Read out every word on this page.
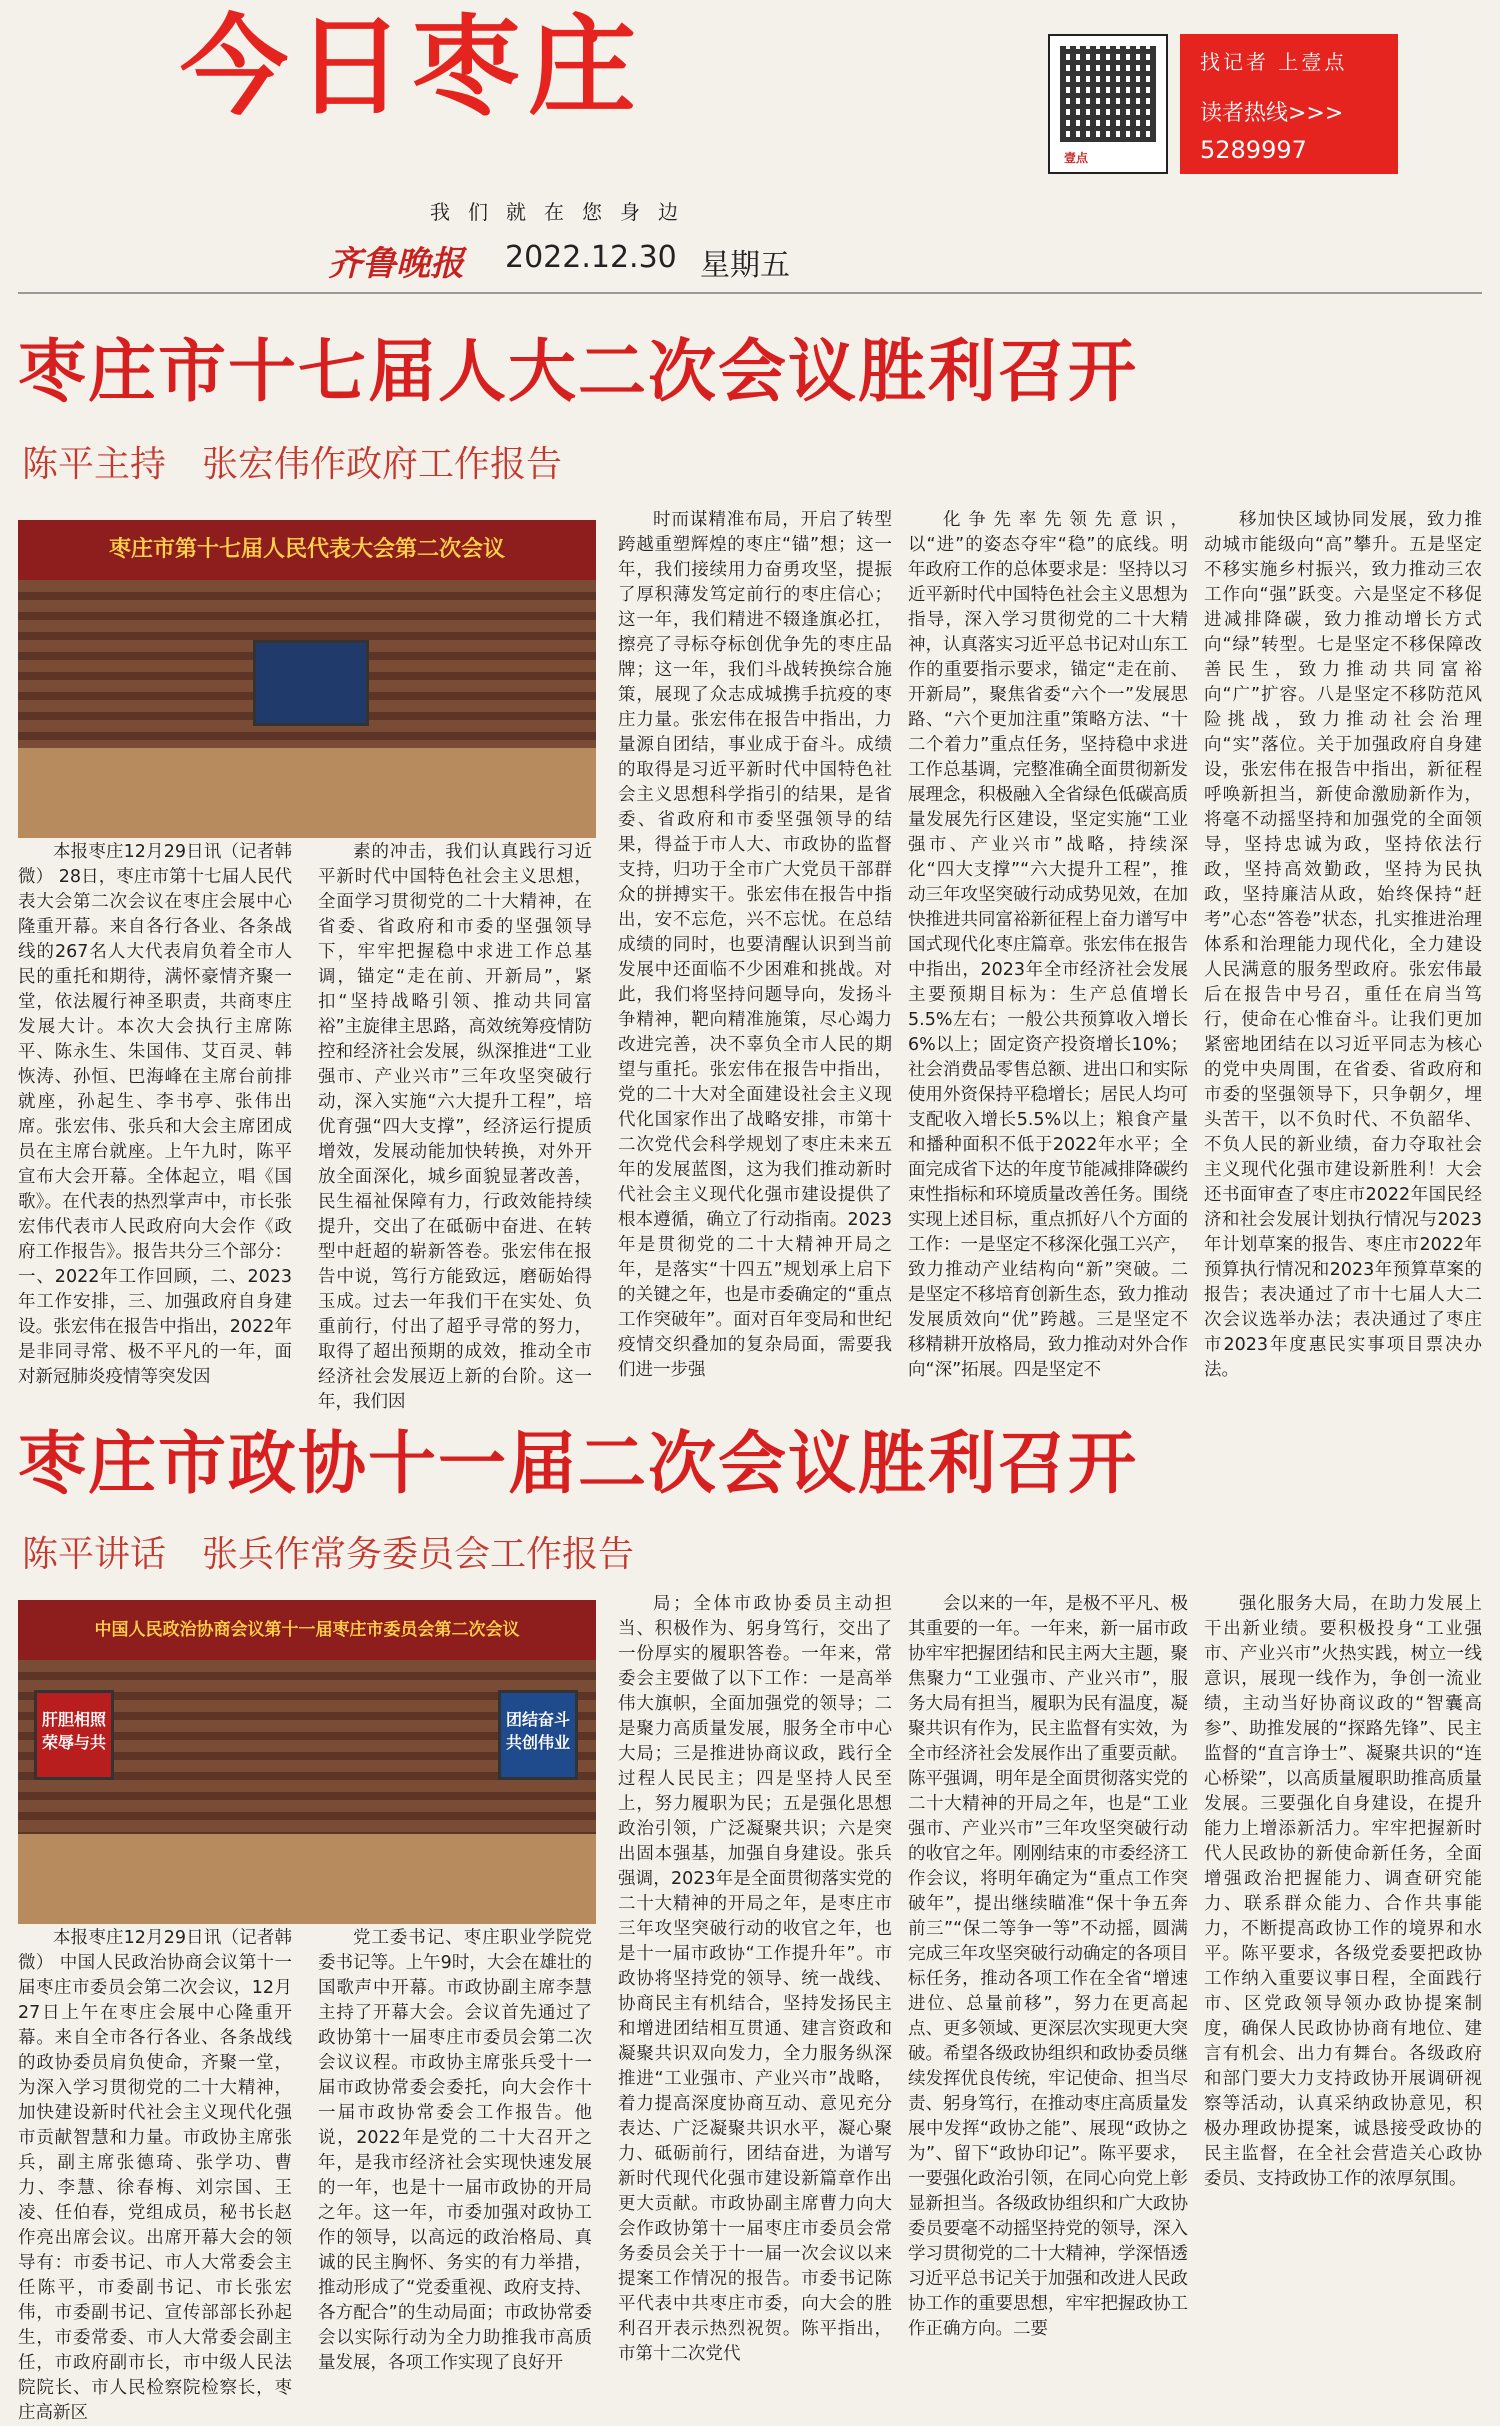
今日枣庄
我们就在您身边
齐鲁晚报 2022.12.30 星期五
壹点
找记者 上壹点
读者热线>>>
5289997
枣庄市十七届人大二次会议胜利召开
陈平主持　张宏伟作政府工作报告
枣庄市第十七届人民代表大会第二次会议

本报枣庄12月29日讯（记者韩微） 28日，枣庄市第十七届人民代表大会第二次会议在枣庄会展中心隆重开幕。来自各行各业、各条战线的267名人大代表肩负着全市人民的重托和期待，满怀豪情齐聚一堂，依法履行神圣职责，共商枣庄发展大计。本次大会执行主席陈平、陈永生、朱国伟、艾百灵、韩恢涛、孙恒、巴海峰在主席台前排就座，孙起生、李书亭、张伟出席。张宏伟、张兵和大会主席团成员在主席台就座。上午九时，陈平宣布大会开幕。全体起立，唱《国歌》。在代表的热烈掌声中，市长张宏伟代表市人民政府向大会作《政府工作报告》。报告共分三个部分：一、2022年工作回顾，二、2023年工作安排，三、加强政府自身建设。张宏伟在报告中指出，2022年是非同寻常、极不平凡的一年，面对新冠肺炎疫情等突发因

素的冲击，我们认真践行习近平新时代中国特色社会主义思想，全面学习贯彻党的二十大精神，在省委、省政府和市委的坚强领导下，牢牢把握稳中求进工作总基调，锚定“走在前、开新局”，紧扣“坚持战略引领、推动共同富裕”主旋律主思路，高效统筹疫情防控和经济社会发展，纵深推进“工业强市、产业兴市”三年攻坚突破行动，深入实施“六大提升工程”，培优育强“四大支撑”，经济运行提质增效，发展动能加快转换，对外开放全面深化，城乡面貌显著改善，民生福祉保障有力，行政效能持续提升，交出了在砥砺中奋进、在转型中赶超的崭新答卷。张宏伟在报告中说，笃行方能致远，磨砺始得玉成。过去一年我们干在实处、负重前行，付出了超乎寻常的努力，取得了超出预期的成效，推动全市经济社会发展迈上新的台阶。这一年，我们因

时而谋精准布局，开启了转型跨越重塑辉煌的枣庄“锚”想；这一年，我们接续用力奋勇攻坚，提振了厚积薄发笃定前行的枣庄信心；这一年，我们精进不辍逢旗必扛，擦亮了寻标夺标创优争先的枣庄品牌；这一年，我们斗战转换综合施策，展现了众志成城携手抗疫的枣庄力量。张宏伟在报告中指出，力量源自团结，事业成于奋斗。成绩的取得是习近平新时代中国特色社会主义思想科学指引的结果，是省委、省政府和市委坚强领导的结果，得益于市人大、市政协的监督支持，归功于全市广大党员干部群众的拼搏实干。张宏伟在报告中指出，安不忘危，兴不忘忧。在总结成绩的同时，也要清醒认识到当前发展中还面临不少困难和挑战。对此，我们将坚持问题导向，发扬斗争精神，靶向精准施策，尽心竭力改进完善，决不辜负全市人民的期望与重托。张宏伟在报告中指出，党的二十大对全面建设社会主义现代化国家作出了战略安排，市第十二次党代会科学规划了枣庄未来五年的发展蓝图，这为我们推动新时代社会主义现代化强市建设提供了根本遵循，确立了行动指南。2023年是贯彻党的二十大精神开局之年，是落实“十四五”规划承上启下的关键之年，也是市委确定的“重点工作突破年”。面对百年变局和世纪疫情交织叠加的复杂局面，需要我们进一步强

化争先率先领先意识，以“进”的姿态夺牢“稳”的底线。明年政府工作的总体要求是：坚持以习近平新时代中国特色社会主义思想为指导，深入学习贯彻党的二十大精神，认真落实习近平总书记对山东工作的重要指示要求，锚定“走在前、开新局”，聚焦省委“六个一”发展思路、“六个更加注重”策略方法、“十二个着力”重点任务，坚持稳中求进工作总基调，完整准确全面贯彻新发展理念，积极融入全省绿色低碳高质量发展先行区建设，坚定实施“工业强市、产业兴市”战略，持续深化“四大支撑”“六大提升工程”，推动三年攻坚突破行动成势见效，在加快推进共同富裕新征程上奋力谱写中国式现代化枣庄篇章。张宏伟在报告中指出，2023年全市经济社会发展主要预期目标为：生产总值增长5.5%左右；一般公共预算收入增长6%以上；固定资产投资增长10%；社会消费品零售总额、进出口和实际使用外资保持平稳增长；居民人均可支配收入增长5.5%以上；粮食产量和播种面积不低于2022年水平；全面完成省下达的年度节能减排降碳约束性指标和环境质量改善任务。围绕实现上述目标，重点抓好八个方面的工作：一是坚定不移深化强工兴产，致力推动产业结构向“新”突破。二是坚定不移培育创新生态，致力推动发展质效向“优”跨越。三是坚定不移精耕开放格局，致力推动对外合作向“深”拓展。四是坚定不

移加快区域协同发展，致力推动城市能级向“高”攀升。五是坚定不移实施乡村振兴，致力推动三农工作向“强”跃变。六是坚定不移促进减排降碳，致力推动增长方式向“绿”转型。七是坚定不移保障改善民生，致力推动共同富裕向“广”扩容。八是坚定不移防范风险挑战，致力推动社会治理向“实”落位。关于加强政府自身建设，张宏伟在报告中指出，新征程呼唤新担当，新使命激励新作为，将毫不动摇坚持和加强党的全面领导，坚持忠诚为政，坚持依法行政，坚持高效勤政，坚持为民执政，坚持廉洁从政，始终保持“赶考”心态“答卷”状态，扎实推进治理体系和治理能力现代化，全力建设人民满意的服务型政府。张宏伟最后在报告中号召，重任在肩当笃行，使命在心惟奋斗。让我们更加紧密地团结在以习近平同志为核心的党中央周围，在省委、省政府和市委的坚强领导下，只争朝夕，埋头苦干，以不负时代、不负韶华、不负人民的新业绩，奋力夺取社会主义现代化强市建设新胜利！大会还书面审查了枣庄市2022年国民经济和社会发展计划执行情况与2023年计划草案的报告、枣庄市2022年预算执行情况和2023年预算草案的报告；表决通过了市十七届人大二次会议选举办法；表决通过了枣庄市2023年度惠民实事项目票决办法。

枣庄市政协十一届二次会议胜利召开
陈平讲话　张兵作常务委员会工作报告
中国人民政治协商会议第十一届枣庄市委员会第二次会议
肝胆相照 荣辱与共
团结奋斗 共创伟业

本报枣庄12月29日讯（记者韩微） 中国人民政治协商会议第十一届枣庄市委员会第二次会议，12月27日上午在枣庄会展中心隆重开幕。来自全市各行各业、各条战线的政协委员肩负使命，齐聚一堂，为深入学习贯彻党的二十大精神，加快建设新时代社会主义现代化强市贡献智慧和力量。市政协主席张兵，副主席张德琦、张学功、曹力、李慧、徐春梅、刘宗国、王凌、任伯春，党组成员，秘书长赵作亮出席会议。出席开幕大会的领导有：市委书记、市人大常委会主任陈平，市委副书记、市长张宏伟，市委副书记、宣传部部长孙起生，市委常委、市人大常委会副主任，市政府副市长，市中级人民法院院长、市人民检察院检察长，枣庄高新区

党工委书记、枣庄职业学院党委书记等。上午9时，大会在雄壮的国歌声中开幕。市政协副主席李慧主持了开幕大会。会议首先通过了政协第十一届枣庄市委员会第二次会议议程。市政协主席张兵受十一届市政协常委会委托，向大会作十一届市政协常委会工作报告。他说，2022年是党的二十大召开之年，是我市经济社会实现快速发展的一年，也是十一届市政协的开局之年。这一年，市委加强对政协工作的领导，以高远的政治格局、真诚的民主胸怀、务实的有力举措，推动形成了“党委重视、政府支持、各方配合”的生动局面；市政协常委会以实际行动为全力助推我市高质量发展，各项工作实现了良好开

局；全体市政协委员主动担当、积极作为、躬身笃行，交出了一份厚实的履职答卷。一年来，常委会主要做了以下工作：一是高举伟大旗帜，全面加强党的领导；二是聚力高质量发展，服务全市中心大局；三是推进协商议政，践行全过程人民民主；四是坚持人民至上，努力履职为民；五是强化思想政治引领，广泛凝聚共识；六是突出固本强基，加强自身建设。张兵强调，2023年是全面贯彻落实党的二十大精神的开局之年，是枣庄市三年攻坚突破行动的收官之年，也是十一届市政协“工作提升年”。市政协将坚持党的领导、统一战线、协商民主有机结合，坚持发扬民主和增进团结相互贯通、建言资政和凝聚共识双向发力，全力服务纵深推进“工业强市、产业兴市”战略，着力提高深度协商互动、意见充分表达、广泛凝聚共识水平，凝心聚力、砥砺前行，团结奋进，为谱写新时代现代化强市建设新篇章作出更大贡献。市政协副主席曹力向大会作政协第十一届枣庄市委员会常务委员会关于十一届一次会议以来提案工作情况的报告。市委书记陈平代表中共枣庄市委，向大会的胜利召开表示热烈祝贺。陈平指出，市第十二次党代

会以来的一年，是极不平凡、极其重要的一年。一年来，新一届市政协牢牢把握团结和民主两大主题，聚焦聚力“工业强市、产业兴市”，服务大局有担当，履职为民有温度，凝聚共识有作为，民主监督有实效，为全市经济社会发展作出了重要贡献。陈平强调，明年是全面贯彻落实党的二十大精神的开局之年，也是“工业强市、产业兴市”三年攻坚突破行动的收官之年。刚刚结束的市委经济工作会议，将明年确定为“重点工作突破年”，提出继续瞄准“保十争五奔前三”“保二等争一等”不动摇，圆满完成三年攻坚突破行动确定的各项目标任务，推动各项工作在全省“增速进位、总量前移”，努力在更高起点、更多领域、更深层次实现更大突破。希望各级政协组织和政协委员继续发挥优良传统，牢记使命、担当尽责、躬身笃行，在推动枣庄高质量发展中发挥“政协之能”、展现“政协之为”、留下“政协印记”。陈平要求，一要强化政治引领，在同心向党上彰显新担当。各级政协组织和广大政协委员要毫不动摇坚持党的领导，深入学习贯彻党的二十大精神，学深悟透习近平总书记关于加强和改进人民政协工作的重要思想，牢牢把握政协工作正确方向。二要

强化服务大局，在助力发展上干出新业绩。要积极投身“工业强市、产业兴市”火热实践，树立一线意识，展现一线作为，争创一流业绩，主动当好协商议政的“智囊高参”、助推发展的“探路先锋”、民主监督的“直言诤士”、凝聚共识的“连心桥梁”，以高质量履职助推高质量发展。三要强化自身建设，在提升能力上增添新活力。牢牢把握新时代人民政协的新使命新任务，全面增强政治把握能力、调查研究能力、联系群众能力、合作共事能力，不断提高政协工作的境界和水平。陈平要求，各级党委要把政协工作纳入重要议事日程，全面践行市、区党政领导领办政协提案制度，确保人民政协协商有地位、建言有机会、出力有舞台。各级政府和部门要大力支持政协开展调研视察等活动，认真采纳政协意见，积极办理政协提案，诚恳接受政协的民主监督，在全社会营造关心政协委员、支持政协工作的浓厚氛围。
